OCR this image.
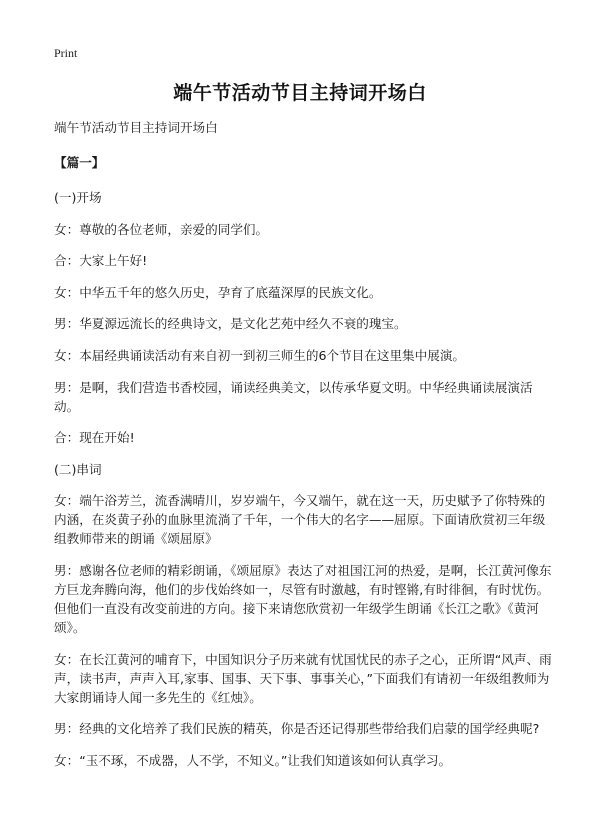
Print
端午节活动节目主持词开场白

端午节活动节目主持词开场白

【篇一】

(一)开场

女：尊敬的各位老师，亲爱的同学们。

合：大家上午好!

女：中华五千年的悠久历史，孕育了底蕴深厚的民族文化。

男：华夏源远流长的经典诗文，是文化艺苑中经久不衰的瑰宝。

女：本届经典诵读活动有来自初一到初三师生的6个节目在这里集中展演。

男：是啊，我们营造书香校园，诵读经典美文，以传承华夏文明。中华经典诵读展演活动。

合：现在开始!

(二)串词

女：端午浴芳兰，流香满晴川，岁岁端午，今又端午，就在这一天，历史赋予了你特殊的内涵，在炎黄子孙的血脉里流淌了千年，一个伟大的名字——屈原。下面请欣赏初三年级组教师带来的朗诵《颂屈原》

男：感谢各位老师的精彩朗诵，《颂屈原》表达了对祖国江河的热爱，是啊，长江黄河像东方巨龙奔腾向海，他们的步伐始终如一，尽管有时激越，有时铿锵,有时徘徊，有时忧伤。但他们一直没有改变前进的方向。接下来请您欣赏初一年级学生朗诵《长江之歌》《黄河颂》。

女：在长江黄河的哺育下，中国知识分子历来就有忧国忧民的赤子之心，正所谓“风声、雨声，读书声，声声入耳,家事、国事、天下事、事事关心，”下面我们有请初一年级组教师为大家朗诵诗人闻一多先生的《红烛》。

男：经典的文化培养了我们民族的精英，你是否还记得那些带给我们启蒙的国学经典呢?

女：“玉不琢，不成器，人不学，不知义。”让我们知道该如何认真学习。
